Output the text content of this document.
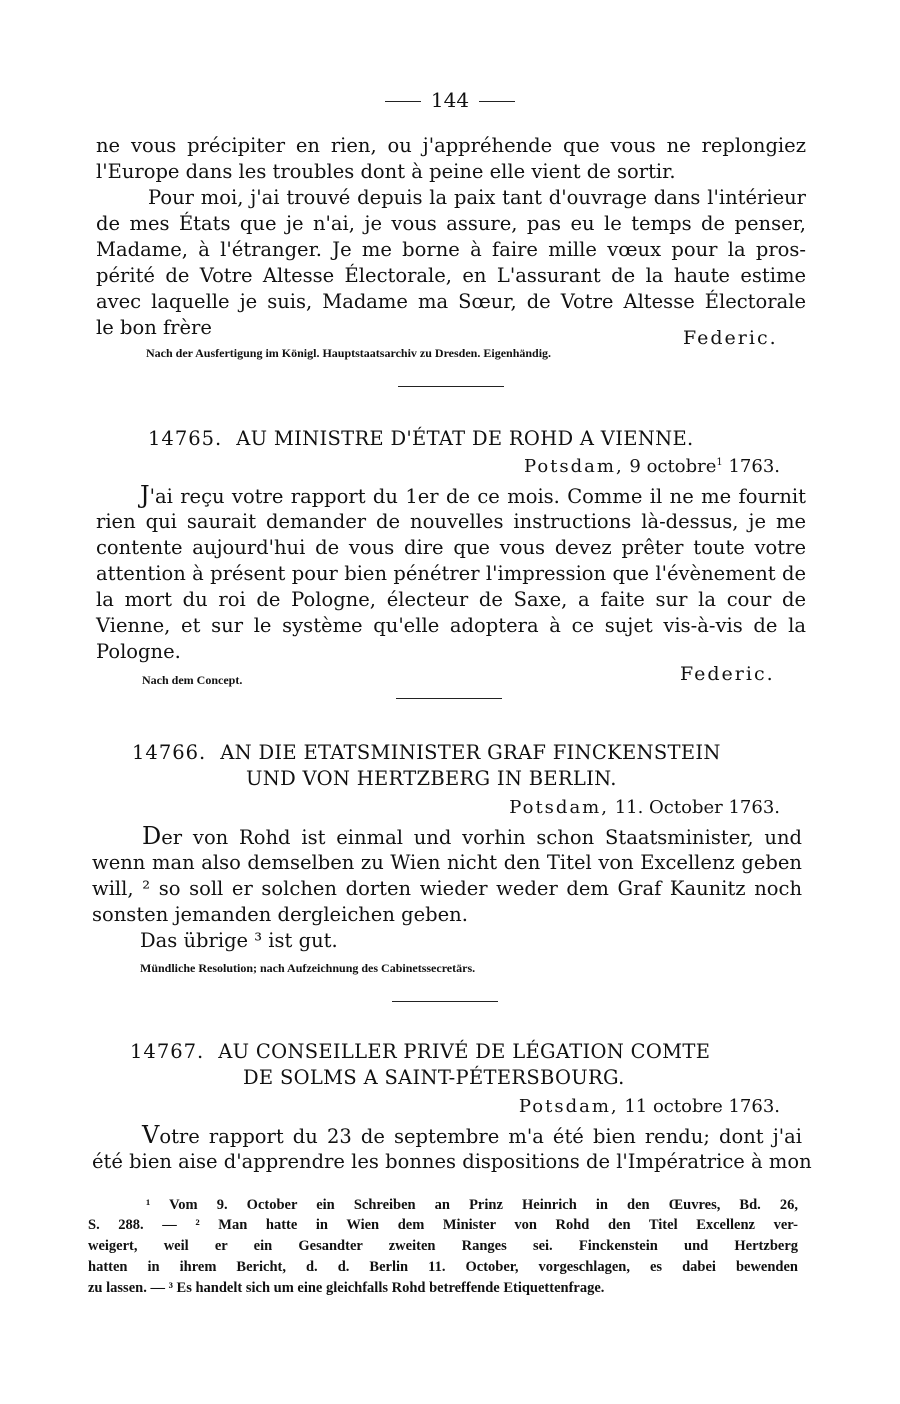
144
ne vous précipiter en rien, ou j'appréhende que vous ne replongiez
l'Europe dans les troubles dont à peine elle vient de sortir.
Pour moi, j'ai trouvé depuis la paix tant d'ouvrage dans l'intérieur
de mes États que je n'ai, je vous assure, pas eu le temps de penser,
Madame, à l'étranger. Je me borne à faire mille vœux pour la pros-
périté de Votre Altesse Électorale, en L'assurant de la haute estime
avec laquelle je suis, Madame ma Sœur, de Votre Altesse Électorale
le bon frère	Federic.
Nach der Ausfertigung im Königl. Hauptstaatsarchiv zu Dresden. Eigenhändig.
14765. AU MINISTRE D'ÉTAT DE ROHD A VIENNE.
Potsdam, 9 octobre$^1$ 1763.
J'ai reçu votre rapport du 1er de ce mois. Comme il ne me fournit
rien qui saurait demander de nouvelles instructions là-dessus, je me
contente aujourd'hui de vous dire que vous devez prêter toute votre
attention à présent pour bien pénétrer l'impression que l'évènement de
la mort du roi de Pologne, électeur de Saxe, a faite sur la cour de
Vienne, et sur le système qu'elle adoptera à ce sujet vis-à-vis de la
Pologne.
Nach dem Concept.	Federic.
14766. AN DIE ETATSMINISTER GRAF FINCKENSTEIN
UND VON HERTZBERG IN BERLIN.
Potsdam, 11. October 1763.
Der von Rohd ist einmal und vorhin schon Staatsminister, und
wenn man also demselben zu Wien nicht den Titel von Excellenz geben
will, ² so soll er solchen dorten wieder weder dem Graf Kaunitz noch
sonsten jemanden dergleichen geben.
Das übrige ³ ist gut.
Mündliche Resolution; nach Aufzeichnung des Cabinetssecretärs.
14767. AU CONSEILLER PRIVÉ DE LÉGATION COMTE
DE SOLMS A SAINT-PÉTERSBOURG.
Potsdam, 11 octobre 1763.
Votre rapport du 23 de septembre m'a été bien rendu; dont j'ai
été bien aise d'apprendre les bonnes dispositions de l'Impératrice à mon
¹ Vom 9. October ein Schreiben an Prinz Heinrich in den Œuvres, Bd. 26,
S. 288. — ² Man hatte in Wien dem Minister von Rohd den Titel Excellenz ver-
weigert, weil er ein Gesandter zweiten Ranges sei. Finckenstein und Hertzberg
hatten in ihrem Bericht, d. d. Berlin 11. October, vorgeschlagen, es dabei bewenden
zu lassen. — ³ Es handelt sich um eine gleichfalls Rohd betreffende Etiquettenfrage.
